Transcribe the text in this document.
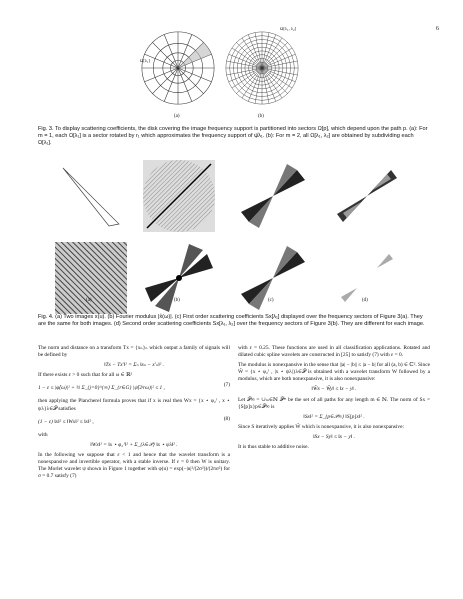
6
Ω[λ₁]
Ω[λ₁, λ₂]
(a)	(b)
Fig. 3. To display scattering coefficients, the disk covering the image frequency support is partitioned into sectors Ω[p], which depend upon the path p. (a): For m = 1, each Ω[λ₁] is a sector rotated by r₁ which approximates the frequency support of ψ̂λ₁. (b): For m = 2, all Ω[λ₁, λ₂] are obtained by subdividing each Ω[λ₁].
(a)	(b)	(c)	(d)
Fig. 4. (a) Two images x(u). (b) Fourier modulus |x̂(ω)|. (c) First order scattering coefficients Sx[λ₁] displayed over the frequency sectors of Figure 3(a). They are the same for both images. (d) Second order scattering coefficients Sx[λ₁, λ₂] over the frequency sectors of Figure 3(b). They are different for each image.

The norm and distance on a transform Tx = {xₙ}ₙ which output a family of signals will be defined by

‖Tx − Tx′‖² = Σₙ ‖xₙ − x′ₙ‖² .

If there exists ε > 0 such that for all ω ∈ ℝ²

1 − ε ≤ |φ̂(ω)|² + ½ Σ_{j=0}^{∞} Σ_{r∈G} |ψ̂(2ʲrω)|² ≤ 1 ,	(7)

then applying the Plancherel formula proves that if x is real then Wx = {x ⋆ φ₂ᴶ , x ⋆ ψλ}λ∈𝒫 satisfies

(1 − ε) ‖x‖² ≤ ‖Wx‖² ≤ ‖x‖² ,	(8)

with

‖Wx‖² = ‖x ⋆ φ₂ᴶ‖² + Σ_{λ∈𝒫} ‖x ⋆ ψλ‖² .

In the following we suppose that ε < 1 and hence that the wavelet transform is a nonexpansive and invertible operator, with a stable inverse. If ε = 0 then W is unitary. The Morlet wavelet ψ shown in Figure 1 together with φ(u) = exp(−|u|²/(2σ²))/(2πσ²) for σ = 0.7 satisfy (7)

with ε = 0.25. These functions are used in all classification applications. Rotated and dilated cubic spline wavelets are constructed in [25] to satisfy (7) with ε = 0.

The modulus is nonexpansive in the sense that ||a| − |b|| ≤ |a − b| for all (a, b) ∈ ℂ². Since W̃ = {x ⋆ φ₂ᴶ , |x ⋆ ψλ|}λ∈𝒫 is obtained with a wavelet transform W followed by a modulus, which are both nonexpansive, it is also nonexpansive:

‖W̃x − W̃y‖ ≤ ‖x − y‖ .

Let 𝒫∞ = ∪ₘ∈ℕ 𝒫ᵐ be the set of all paths for any length m ∈ ℕ. The norm of Sx = {S[p]x}p∈𝒫∞ is

‖Sx‖² = Σ_{p∈𝒫∞} ‖S[p]x‖² .

Since S iteratively applies W̃ which is nonexpansive, it is also nonexpansive:

‖Sx − Sy‖ ≤ ‖x − y‖ .

It is thus stable to additive noise.
